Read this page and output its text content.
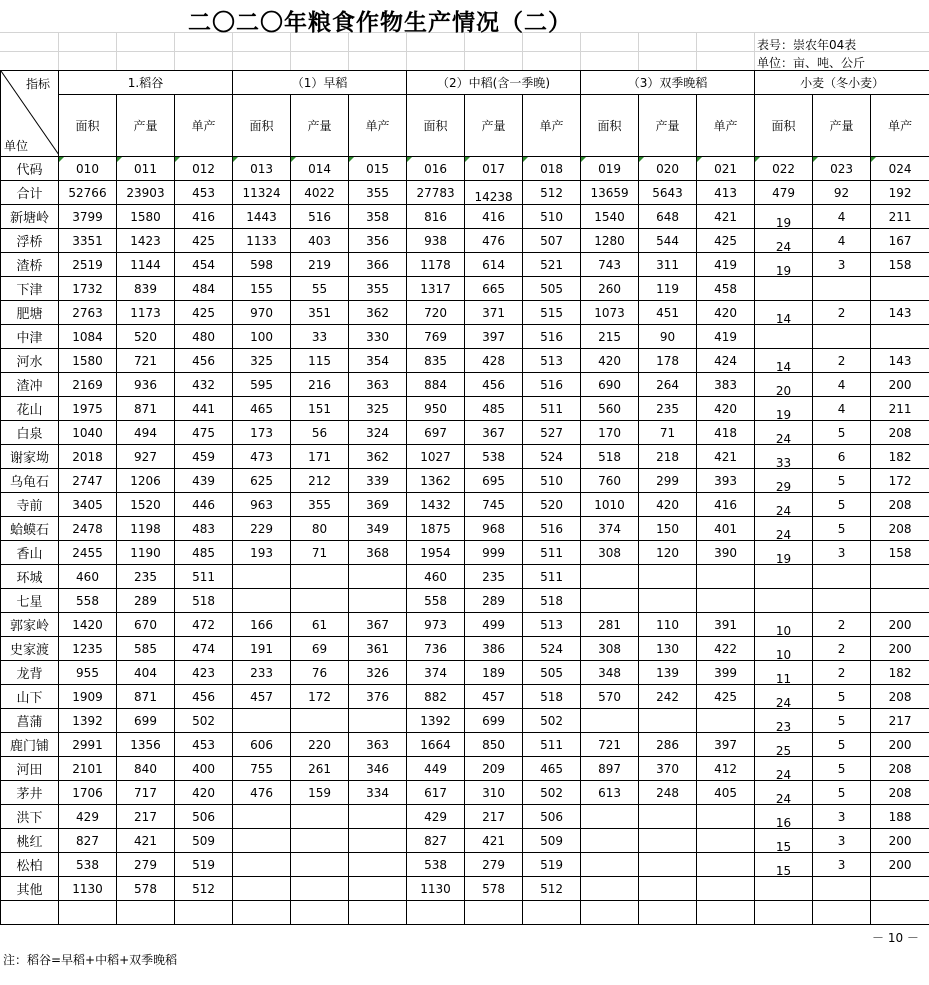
二〇二〇年粮食作物生产情况（二）
表号：崇农年04表
单位：亩、吨、公斤
指标
单位	1.稻谷			（1）早稻			（2）中稻(含一季晚)			（3）双季晚稻			小麦（冬小麦）			
	面积	产量	单产	面积	产量	单产	面积	产量	单产	面积	产量	单产	面积	产量	单产	
代码	010	011	012	013	014	015	016	017	018	019	020	021	022	023	024	
合计	52766	23903	453	11324	4022	355	27783	14238	512	13659	5643	413	479	92	192	
新塘岭	3799	1580	416	1443	516	358	816	416	510	1540	648	421	19	4	211	
浮桥	3351	1423	425	1133	403	356	938	476	507	1280	544	425	24	4	167	
渣桥	2519	1144	454	598	219	366	1178	614	521	743	311	419	19	3	158	
下津	1732	839	484	155	55	355	1317	665	505	260	119	458				
肥塘	2763	1173	425	970	351	362	720	371	515	1073	451	420	14	2	143	
中津	1084	520	480	100	33	330	769	397	516	215	90	419				
河水	1580	721	456	325	115	354	835	428	513	420	178	424	14	2	143	
渣冲	2169	936	432	595	216	363	884	456	516	690	264	383	20	4	200	
花山	1975	871	441	465	151	325	950	485	511	560	235	420	19	4	211	
白泉	1040	494	475	173	56	324	697	367	527	170	71	418	24	5	208	
谢家坳	2018	927	459	473	171	362	1027	538	524	518	218	421	33	6	182	
乌龟石	2747	1206	439	625	212	339	1362	695	510	760	299	393	29	5	172	
寺前	3405	1520	446	963	355	369	1432	745	520	1010	420	416	24	5	208	
蛤蟆石	2478	1198	483	229	80	349	1875	968	516	374	150	401	24	5	208	
香山	2455	1190	485	193	71	368	1954	999	511	308	120	390	19	3	158	
环城	460	235	511				460	235	511							
七星	558	289	518				558	289	518							
郭家岭	1420	670	472	166	61	367	973	499	513	281	110	391	10	2	200	
史家渡	1235	585	474	191	69	361	736	386	524	308	130	422	10	2	200	
龙背	955	404	423	233	76	326	374	189	505	348	139	399	11	2	182	
山下	1909	871	456	457	172	376	882	457	518	570	242	425	24	5	208	
菖蒲	1392	699	502				1392	699	502				23	5	217	
鹿门铺	2991	1356	453	606	220	363	1664	850	511	721	286	397	25	5	200	
河田	2101	840	400	755	261	346	449	209	465	897	370	412	24	5	208	
茅井	1706	717	420	476	159	334	617	310	502	613	248	405	24	5	208	
洪下	429	217	506				429	217	506				16	3	188	
桃红	827	421	509				827	421	509				15	3	200	
松柏	538	279	519				538	279	519				15	3	200	
其他	1130	578	512				1130	578	512							

－ 10 －
注：稻谷=早稻+中稻+双季晚稻
